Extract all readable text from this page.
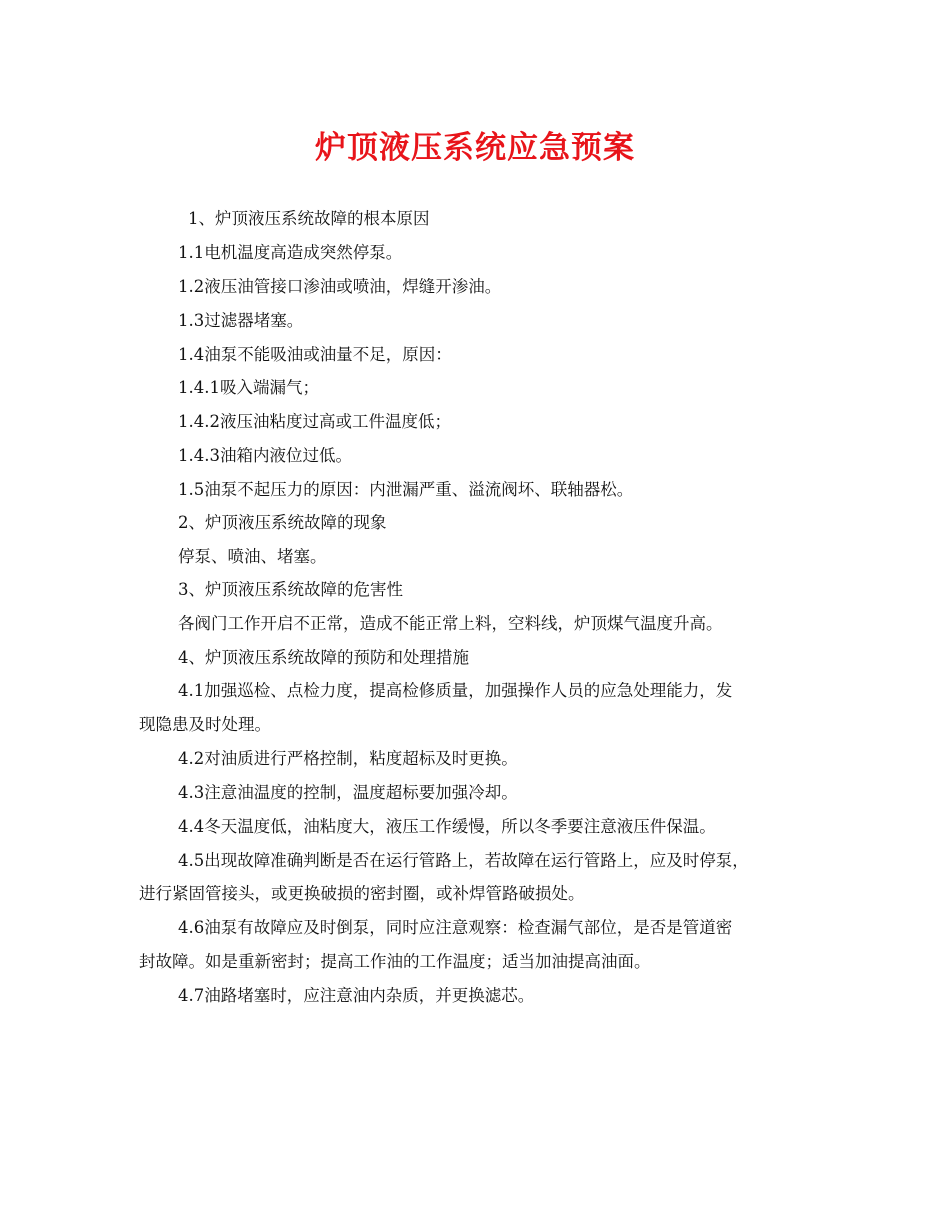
炉顶液压系统应急预案

1、炉顶液压系统故障的根本原因

1.1电机温度高造成突然停泵。

1.2液压油管接口渗油或喷油，焊缝开渗油。

1.3过滤器堵塞。

1.4油泵不能吸油或油量不足，原因：

1.4.1吸入端漏气；

1.4.2液压油粘度过高或工件温度低；

1.4.3油箱内液位过低。

1.5油泵不起压力的原因：内泄漏严重、溢流阀坏、联轴器松。

2、炉顶液压系统故障的现象

停泵、喷油、堵塞。

3、炉顶液压系统故障的危害性

各阀门工作开启不正常，造成不能正常上料，空料线，炉顶煤气温度升高。

4、炉顶液压系统故障的预防和处理措施

4.1加强巡检、点检力度，提高检修质量，加强操作人员的应急处理能力，发

现隐患及时处理。

4.2对油质进行严格控制，粘度超标及时更换。

4.3注意油温度的控制，温度超标要加强冷却。

4.4冬天温度低，油粘度大，液压工作缓慢，所以冬季要注意液压件保温。

4.5出现故障准确判断是否在运行管路上，若故障在运行管路上，应及时停泵，

进行紧固管接头，或更换破损的密封圈，或补焊管路破损处。

4.6油泵有故障应及时倒泵，同时应注意观察：检查漏气部位，是否是管道密

封故障。如是重新密封；提高工作油的工作温度；适当加油提高油面。

4.7油路堵塞时，应注意油内杂质，并更换滤芯。
